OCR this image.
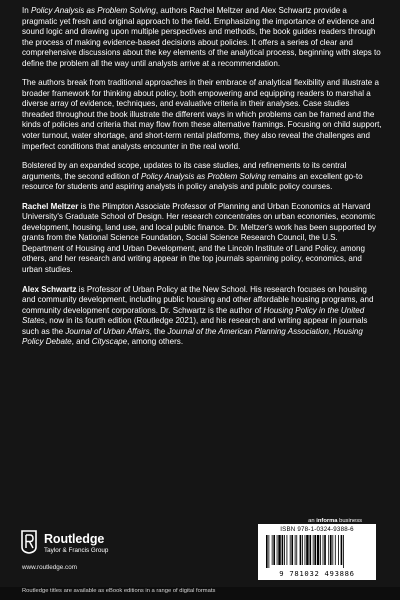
In Policy Analysis as Problem Solving, authors Rachel Meltzer and Alex Schwartz provide a pragmatic yet fresh and original approach to the field. Emphasizing the importance of evidence and sound logic and drawing upon multiple perspectives and methods, the book guides readers through the process of making evidence-based decisions about policies. It offers a series of clear and comprehensive discussions about the key elements of the analytical process, beginning with steps to define the problem all the way until analysts arrive at a recommendation.

The authors break from traditional approaches in their embrace of analytical flexibility and illustrate a broader framework for thinking about policy, both empowering and equipping readers to marshal a diverse array of evidence, techniques, and evaluative criteria in their analyses. Case studies threaded throughout the book illustrate the different ways in which problems can be framed and the kinds of policies and criteria that may flow from these alternative framings. Focusing on child support, voter turnout, water shortage, and short-term rental platforms, they also reveal the challenges and imperfect conditions that analysts encounter in the real world.

Bolstered by an expanded scope, updates to its case studies, and refinements to its central arguments, the second edition of Policy Analysis as Problem Solving remains an excellent go-to resource for students and aspiring analysts in policy analysis and public policy courses.

Rachel Meltzer is the Plimpton Associate Professor of Planning and Urban Economics at Harvard University's Graduate School of Design. Her research concentrates on urban economies, economic development, housing, land use, and local public finance. Dr. Meltzer's work has been supported by grants from the National Science Foundation, Social Science Research Council, the U.S. Department of Housing and Urban Development, and the Lincoln Institute of Land Policy, among others, and her research and writing appear in the top journals spanning policy, economics, and urban studies.

Alex Schwartz is Professor of Urban Policy at the New School. His research focuses on housing and community development, including public housing and other affordable housing programs, and community development corporations. Dr. Schwartz is the author of Housing Policy in the United States, now in its fourth edition (Routledge 2021), and his research and writing appear in journals such as the Journal of Urban Affairs, the Journal of the American Planning Association, Housing Policy Debate, and Cityscape, among others.

Routledge
Taylor & Francis Group
www.routledge.com
an informa business
ISBN 978-1-0324-9388-6
9 781032 493886
Routledge titles are available as eBook editions in a range of digital formats
